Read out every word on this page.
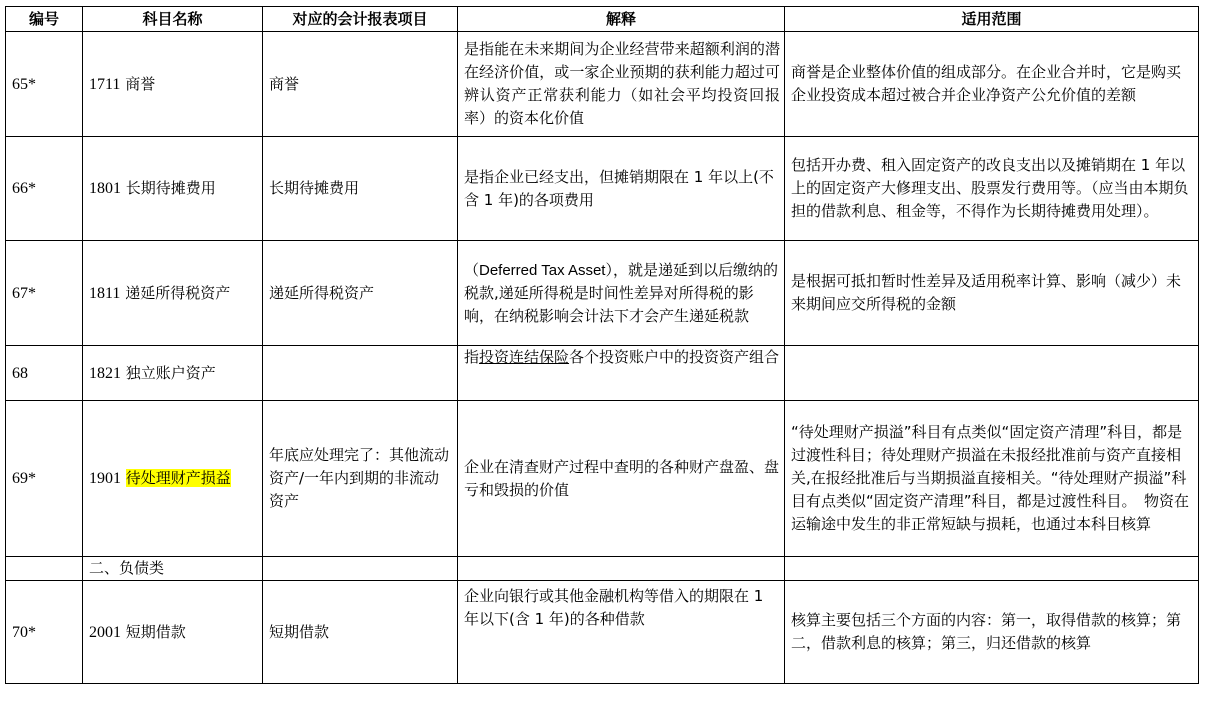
编号	科目名称	对应的会计报表项目	解释	适用范围
65*	1711 商誉	商誉	是指能在未来期间为企业经营带来超额利润的潜在经济价值，或一家企业预期的获利能力超过可辨认资产正常获利能力（如社会平均投资回报率）的资本化价值	商誉是企业整体价值的组成部分。在企业合并时，它是购买企业投资成本超过被合并企业净资产公允价值的差额
66*	1801 长期待摊费用	长期待摊费用	是指企业已经支出，但摊销期限在 1 年以上(不含 1 年)的各项费用	包括开办费、租入固定资产的改良支出以及摊销期在 1 年以上的固定资产大修理支出、股票发行费用等。（应当由本期负担的借款利息、租金等，不得作为长期待摊费用处理）。
67*	1811 递延所得税资产	递延所得税资产	（Deferred Tax Asset），就是递延到以后缴纳的税款,递延所得税是时间性差异对所得税的影响，在纳税影响会计法下才会产生递延税款	是根据可抵扣暂时性差异及适用税率计算、影响（减少）未来期间应交所得税的金额
68	1821 独立账户资产		指投资连结保险各个投资账户中的投资资产组合	
69*	1901 待处理财产损益	年底应处理完了：其他流动资产/一年内到期的非流动资产	企业在清查财产过程中查明的各种财产盘盈、盘亏和毁损的价值	“待处理财产损溢”科目有点类似“固定资产清理”科目，都是过渡性科目；待处理财产损溢在未报经批准前与资产直接相关,在报经批准后与当期损溢直接相关。“待处理财产损溢”科目有点类似“固定资产清理”科目，都是过渡性科目。　物资在运输途中发生的非正常短缺与损耗，也通过本科目核算
	二、负债类			
70*	2001 短期借款	短期借款	企业向银行或其他金融机构等借入的期限在 1 年以下(含 1 年)的各种借款	核算主要包括三个方面的内容：第一，取得借款的核算；第二，借款利息的核算；第三，归还借款的核算
